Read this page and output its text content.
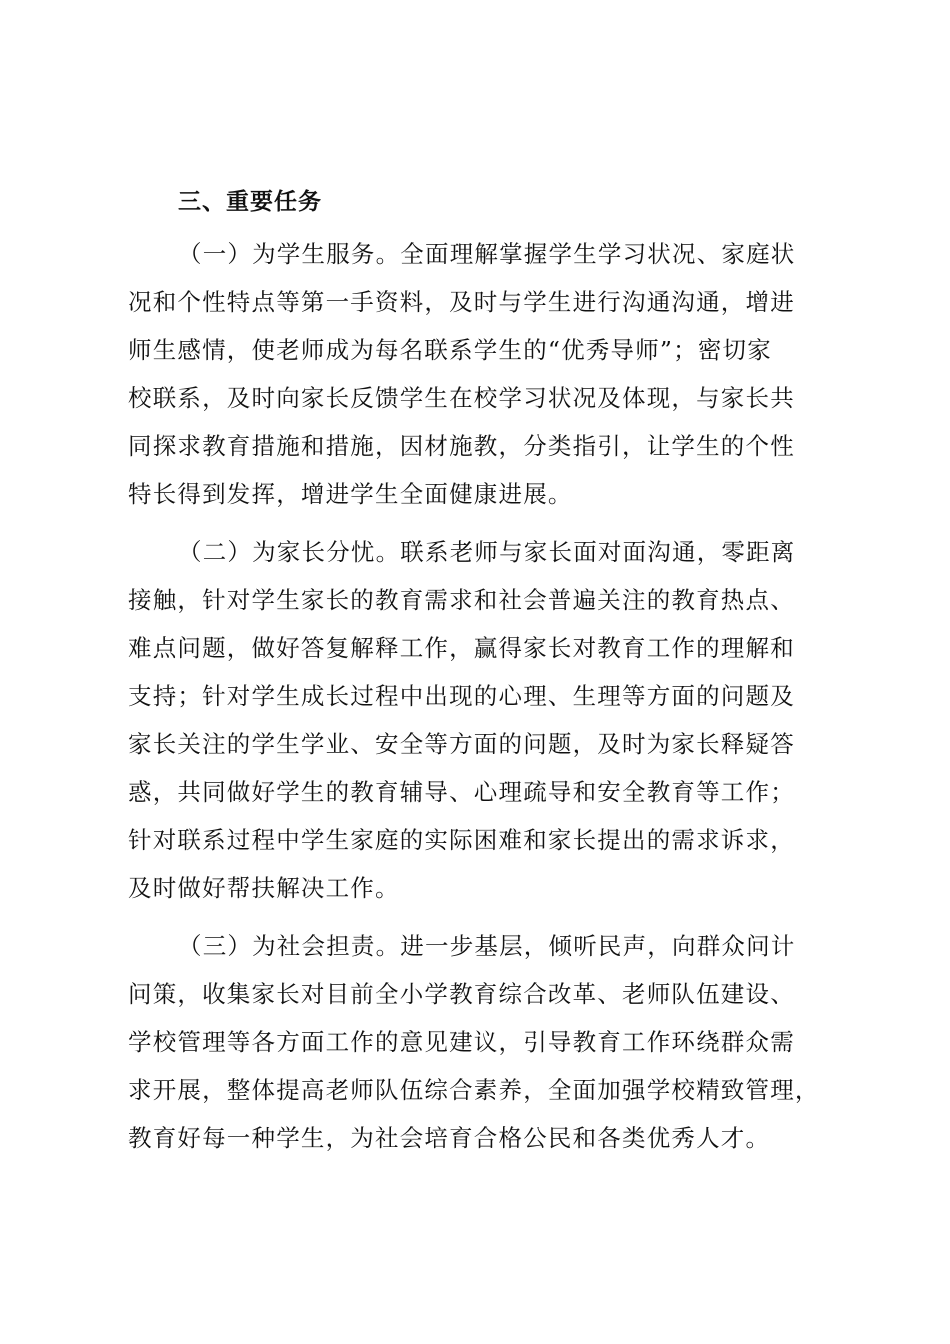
三、重要任务
（一）为学生服务。全面理解掌握学生学习状况、家庭状
况和个性特点等第一手资料，及时与学生进行沟通沟通，增进
师生感情，使老师成为每名联系学生的“优秀导师”；密切家
校联系，及时向家长反馈学生在校学习状况及体现，与家长共
同探求教育措施和措施，因材施教，分类指引，让学生的个性
特长得到发挥，增进学生全面健康进展。
（二）为家长分忧。联系老师与家长面对面沟通，零距离
接触，针对学生家长的教育需求和社会普遍关注的教育热点、
难点问题，做好答复解释工作，赢得家长对教育工作的理解和
支持；针对学生成长过程中出现的心理、生理等方面的问题及
家长关注的学生学业、安全等方面的问题，及时为家长释疑答
惑，共同做好学生的教育辅导、心理疏导和安全教育等工作；
针对联系过程中学生家庭的实际困难和家长提出的需求诉求，
及时做好帮扶解决工作。
（三）为社会担责。进一步基层，倾听民声，向群众问计
问策，收集家长对目前全小学教育综合改革、老师队伍建设、
学校管理等各方面工作的意见建议，引导教育工作环绕群众需
求开展，整体提高老师队伍综合素养，全面加强学校精致管理，
教育好每一种学生，为社会培育合格公民和各类优秀人才。
